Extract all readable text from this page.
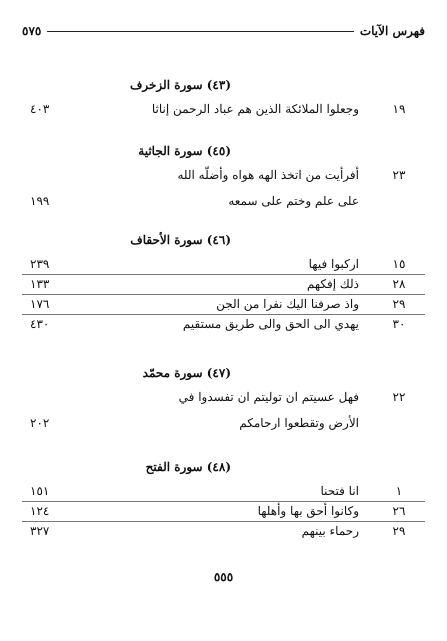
فهرس الآيات
٥٧٥
(٤٣) سورة الزخرف
١٩
وجعلوا الملائكة الذين هم عباد الرحمن إناثا
٤٠٣
(٤٥) سورة الجاثية
٢٣
أفرأيت من اتخذ الهه هواه وأضلّه الله
على علم وختم على سمعه
١٩٩
(٤٦) سورة الأحقاف
١٥
اركبوا فيها
٢٣٩
٢٨
ذلك إفكهم
١٣٣
٢٩
واذ صرفنا اليك نفرا من الجن
١٧٦
٣٠
يهدي الى الحق والى طريق مستقيم
٤٣٠
(٤٧) سورة محمّد
٢٢
فهل عسيتم ان توليتم ان تفسدوا في
الأرض وتقطعوا ارحامكم
٢٠٢
(٤٨) سورة الفتح
١
انا فتحنا
١٥١
٢٦
وكانوا أحق بها وأهلها
١٢٤
٢٩
رحماء بينهم
٣٢٧
٥٥٥
